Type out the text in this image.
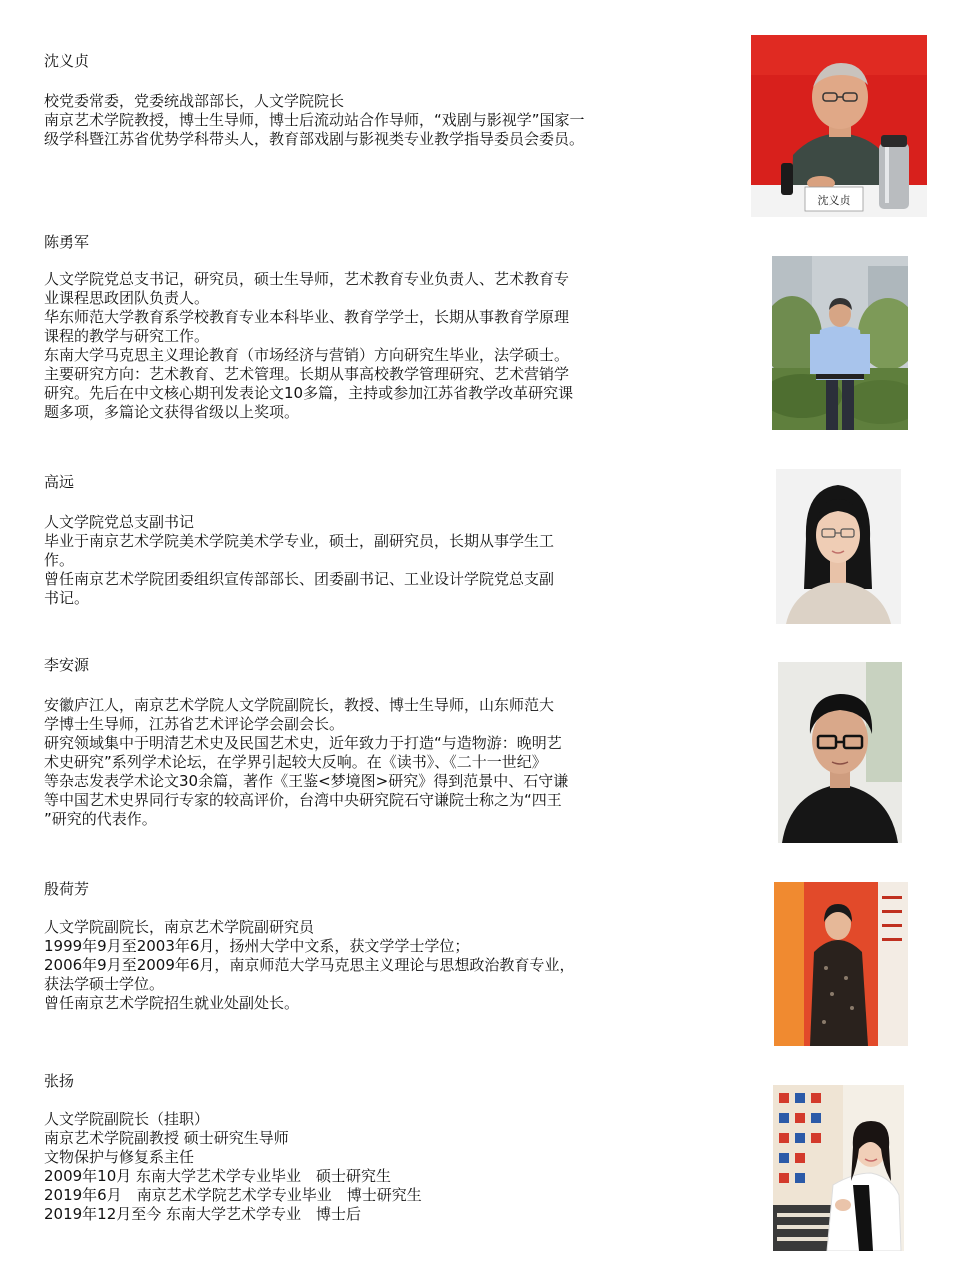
沈义贞
校党委常委，党委统战部部长，人文学院院长
南京艺术学院教授，博士生导师，博士后流动站合作导师，“戏剧与影视学”国家一
级学科暨江苏省优势学科带头人，教育部戏剧与影视类专业教学指导委员会委员。
沈义贞
陈勇军
人文学院党总支书记，研究员，硕士生导师，艺术教育专业负责人、艺术教育专
业课程思政团队负责人。
华东师范大学教育系学校教育专业本科毕业、教育学学士，长期从事教育学原理
课程的教学与研究工作。
东南大学马克思主义理论教育（市场经济与营销）方向研究生毕业，法学硕士。
主要研究方向：艺术教育、艺术管理。长期从事高校教学管理研究、艺术营销学
研究。先后在中文核心期刊发表论文10多篇，主持或参加江苏省教学改革研究课
题多项，多篇论文获得省级以上奖项。
高远
人文学院党总支副书记
毕业于南京艺术学院美术学院美术学专业，硕士，副研究员，长期从事学生工
作。
曾任南京艺术学院团委组织宣传部部长、团委副书记、工业设计学院党总支副
书记。
李安源
安徽庐江人，南京艺术学院人文学院副院长，教授、博士生导师，山东师范大
学博士生导师，江苏省艺术评论学会副会长。
研究领域集中于明清艺术史及民国艺术史，近年致力于打造“与造物游：晚明艺
术史研究”系列学术论坛，在学界引起较大反响。在《读书》、《二十一世纪》
等杂志发表学术论文30余篇，著作《王鉴<梦境图>研究》得到范景中、石守谦
等中国艺术史界同行专家的较高评价，台湾中央研究院石守谦院士称之为“四王
”研究的代表作。
殷荷芳
人文学院副院长，南京艺术学院副研究员
1999年9月至2003年6月，扬州大学中文系，获文学学士学位；
2006年9月至2009年6月，南京师范大学马克思主义理论与思想政治教育专业，
获法学硕士学位。
曾任南京艺术学院招生就业处副处长。
张扬
人文学院副院长（挂职）
南京艺术学院副教授 硕士研究生导师
文物保护与修复系主任
2009年10月 东南大学艺术学专业毕业　硕士研究生
2019年6月　南京艺术学院艺术学专业毕业　博士研究生
2019年12月至今 东南大学艺术学专业　博士后
